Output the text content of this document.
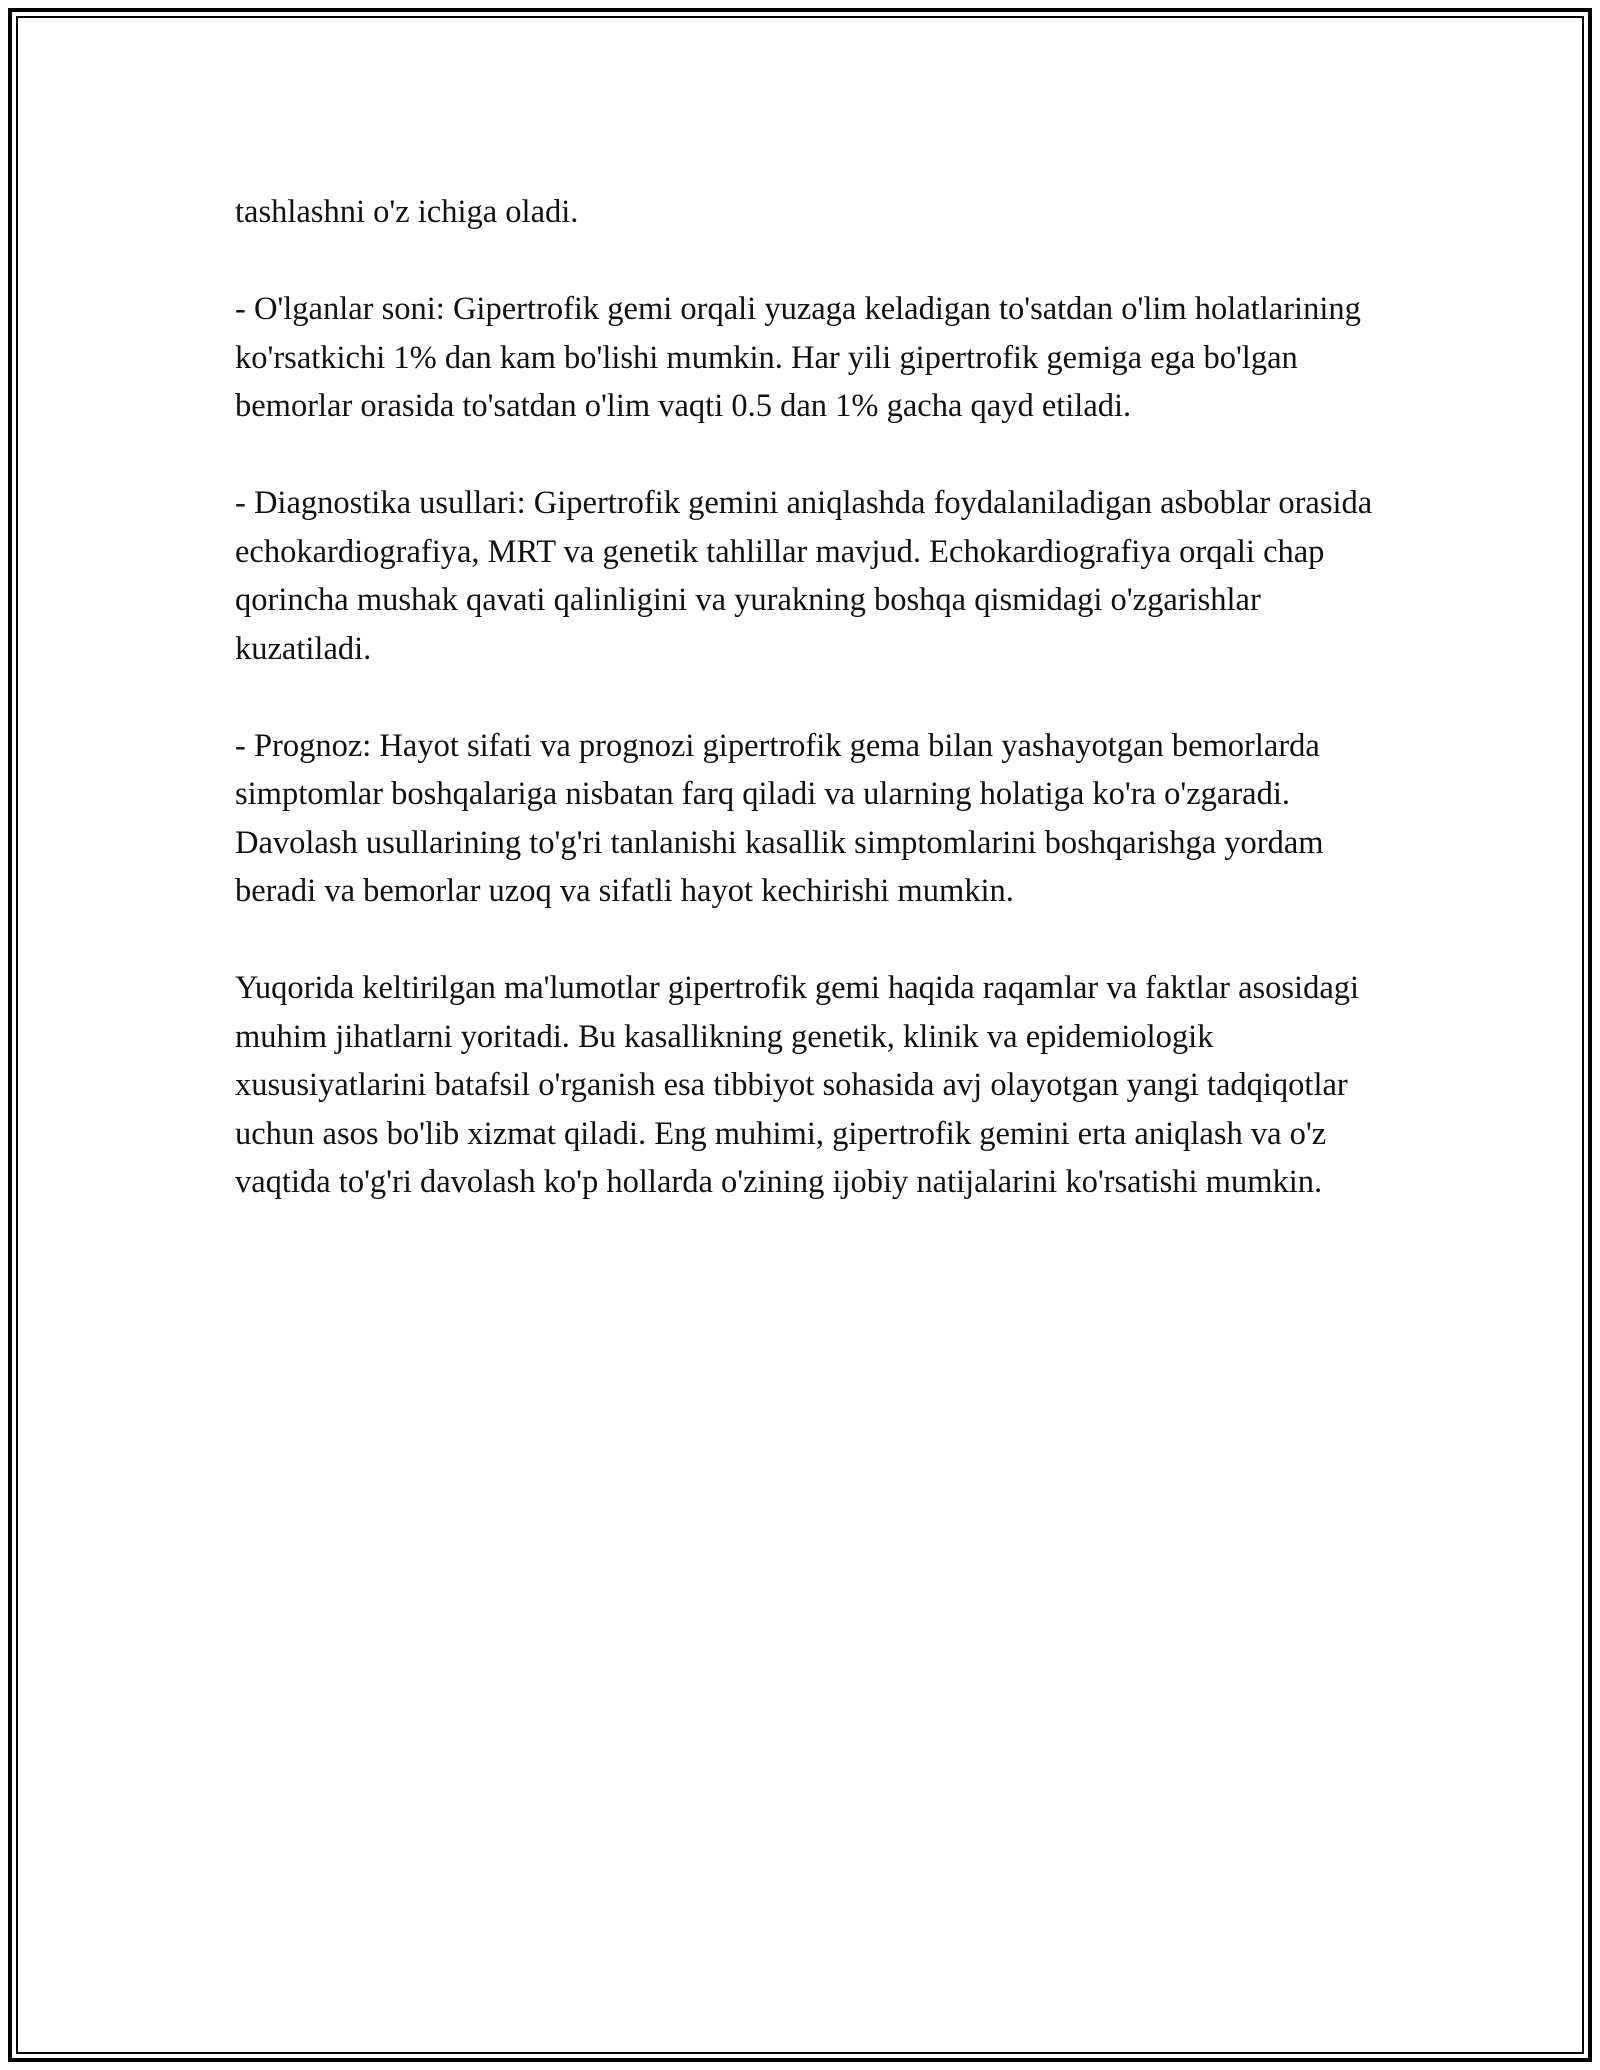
tashlashni o'z ichiga oladi.

- O'lganlar soni: Gipertrofik gemi orqali yuzaga keladigan to'satdan o'lim holatlarining ko'rsatkichi 1% dan kam bo'lishi mumkin. Har yili gipertrofik gemiga ega bo'lgan bemorlar orasida to'satdan o'lim vaqti 0.5 dan 1% gacha qayd etiladi.

- Diagnostika usullari: Gipertrofik gemini aniqlashda foydalaniladigan asboblar orasida echokardiografiya, MRT va genetik tahlillar mavjud. Echokardiografiya orqali chap qorincha mushak qavati qalinligini va yurakning boshqa qismidagi o'zgarishlar kuzatiladi.

- Prognoz: Hayot sifati va prognozi gipertrofik gema bilan yashayotgan bemorlarda simptomlar boshqalariga nisbatan farq qiladi va ularning holatiga ko'ra o'zgaradi. Davolash usullarining to'g'ri tanlanishi kasallik simptomlarini boshqarishga yordam beradi va bemorlar uzoq va sifatli hayot kechirishi mumkin.

Yuqorida keltirilgan ma'lumotlar gipertrofik gemi haqida raqamlar va faktlar asosidagi muhim jihatlarni yoritadi. Bu kasallikning genetik, klinik va epidemiologik xususiyatlarini batafsil o'rganish esa tibbiyot sohasida avj olayotgan yangi tadqiqotlar uchun asos bo'lib xizmat qiladi. Eng muhimi, gipertrofik gemini erta aniqlash va o'z vaqtida to'g'ri davolash ko'p hollarda o'zining ijobiy natijalarini ko'rsatishi mumkin.
